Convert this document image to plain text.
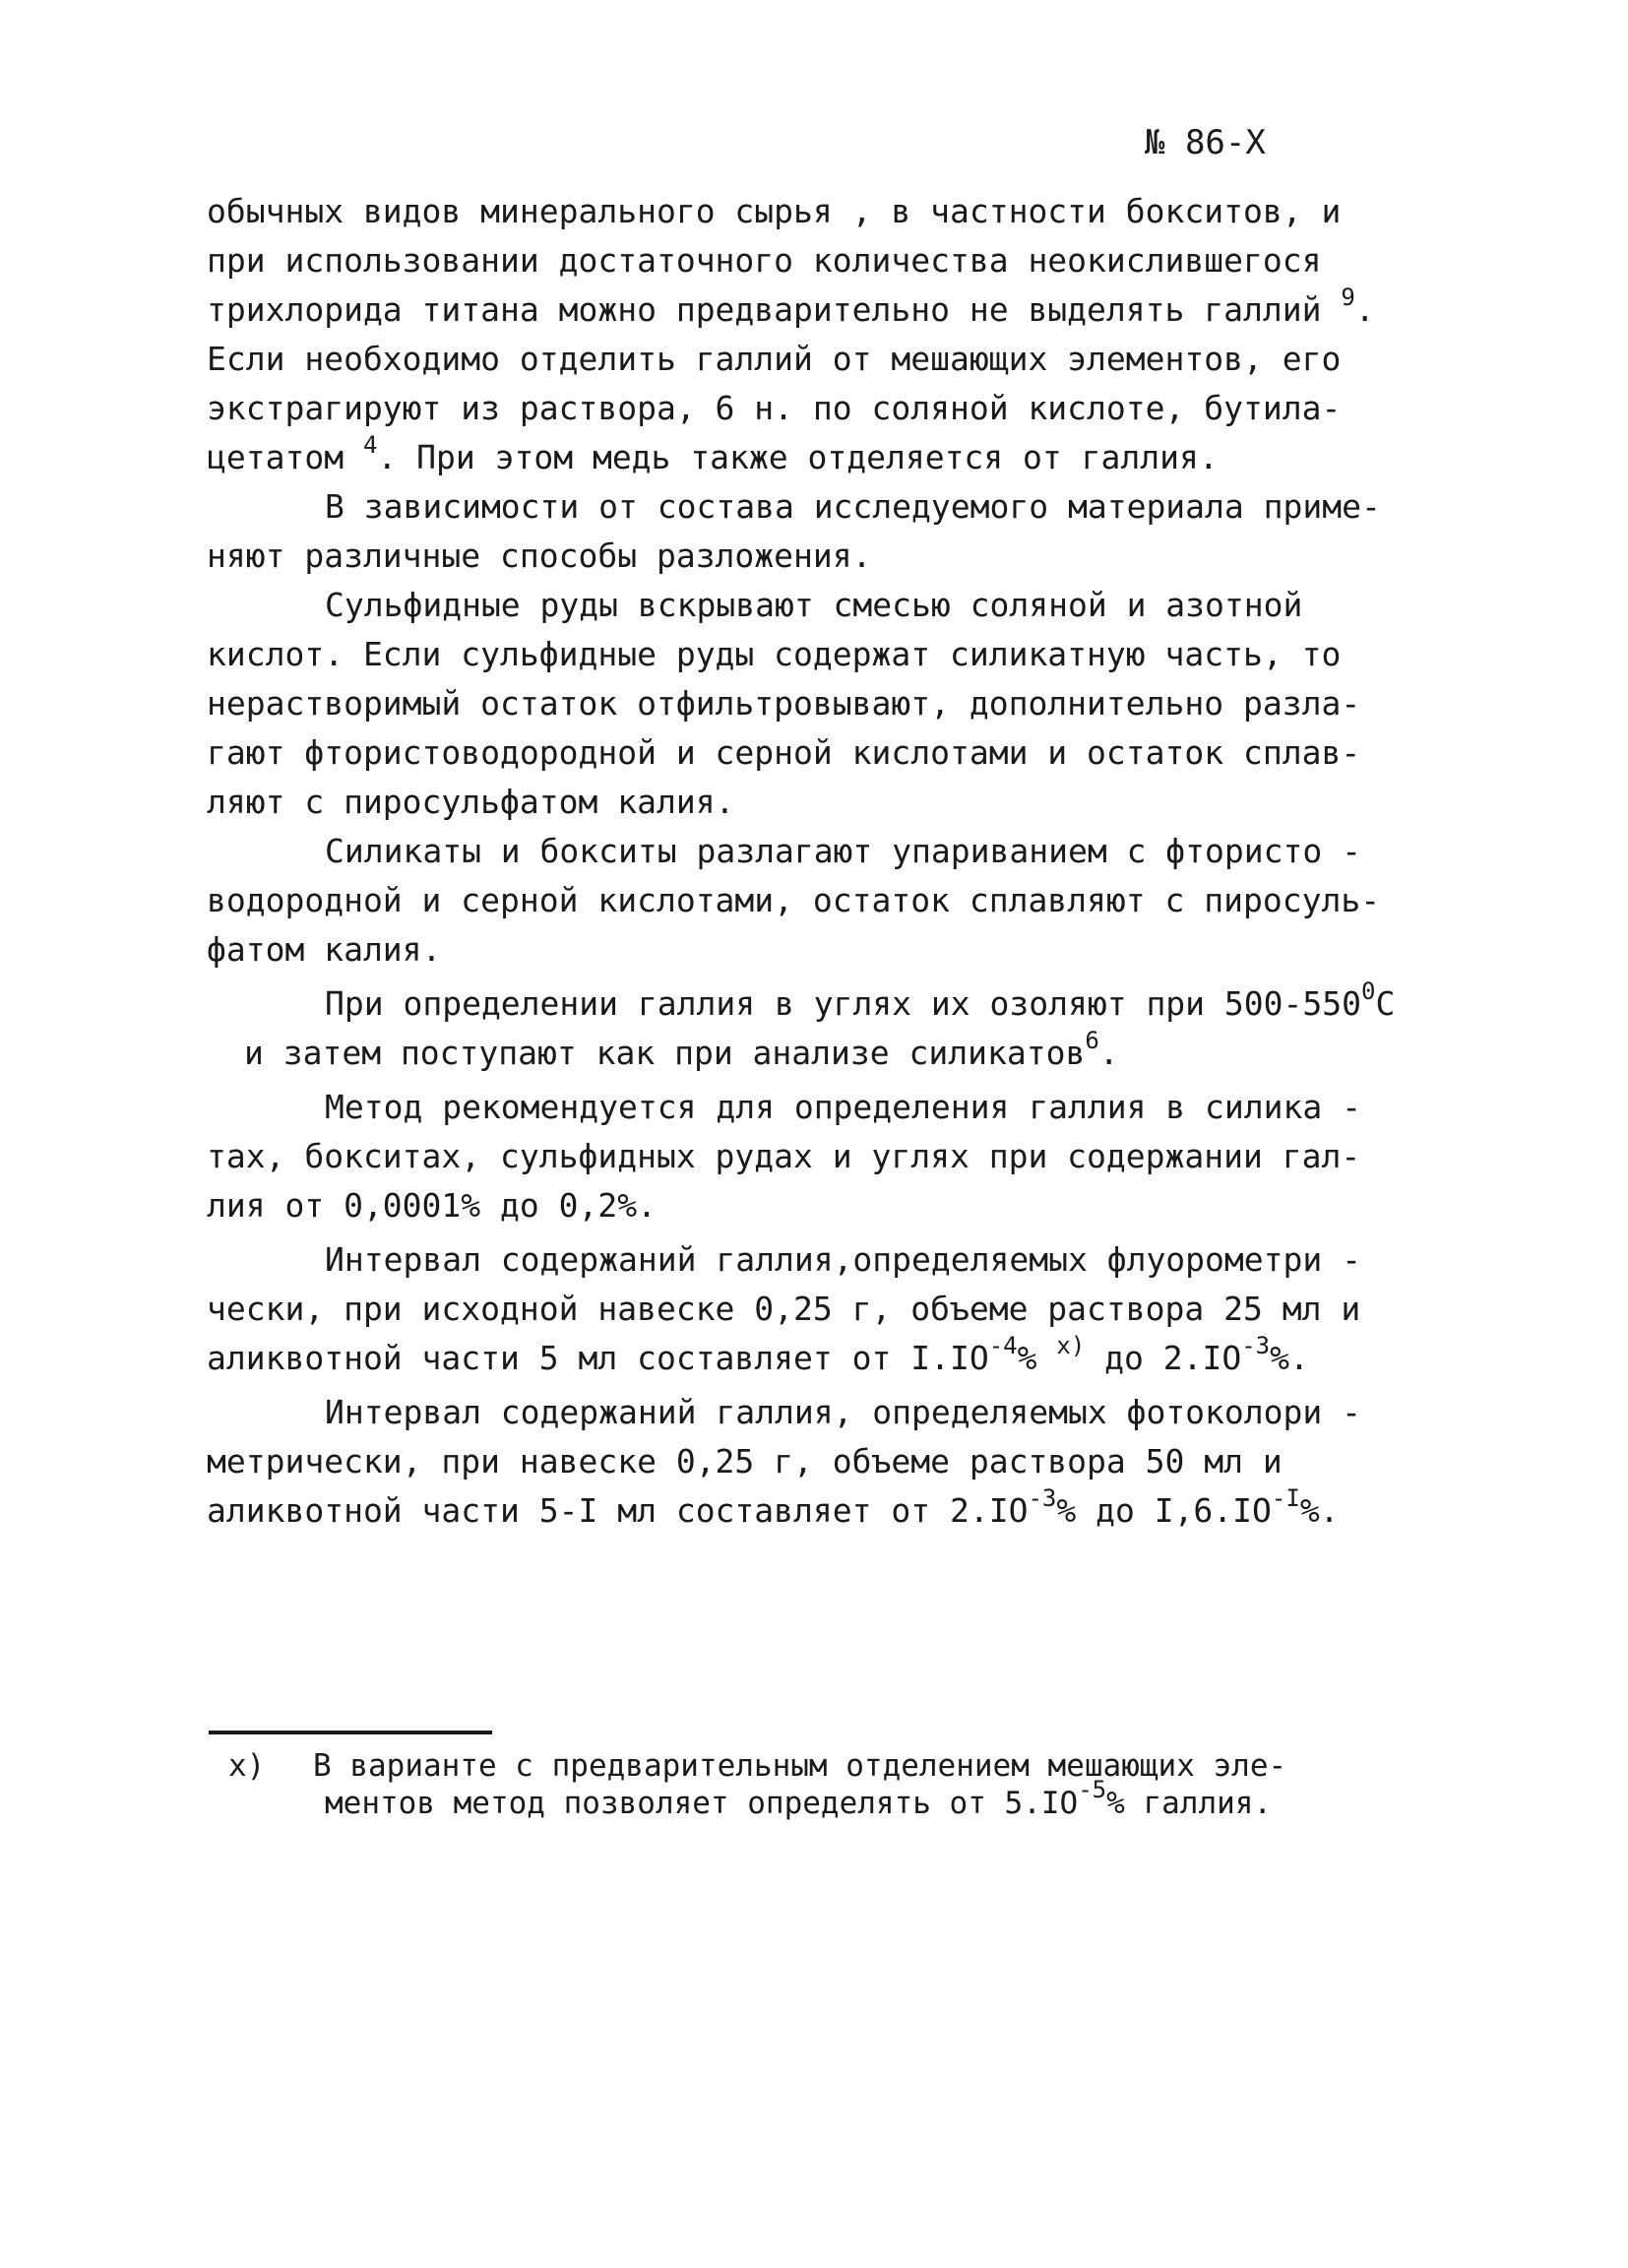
№ 86-Х
обычных видов минерального сырья , в частности бокситов, и
при использовании достаточного количества неокислившегося
трихлорида титана можно предварительно не выделять галлий $^9$.
Если необходимо отделить галлий от мешающих элементов, его
экстрагируют из раствора, 6 н. по соляной кислоте, бутила-
цетатом $^4$. При этом медь также отделяется от галлия.
В зависимости от состава исследуемого материала приме-
няют различные способы разложения.
Сульфидные руды вскрывают смесью соляной и азотной
кислот. Если сульфидные руды содержат силикатную часть, то
нерастворимый остаток отфильтровывают, дополнительно разла-
гают фтористоводородной и серной кислотами и остаток сплав-
ляют с пиросульфатом калия.
Силикаты и бокситы разлагают упариванием с фтористо -
водородной и серной кислотами, остаток сплавляют с пиросуль-
фатом калия.
При определении галлия в углях их озоляют при $500-550^0С$
и затем поступают как при анализе силикатов$^6$.
Метод рекомендуется для определения галлия в силика -
тах, бокситах, сульфидных рудах и углях при содержании гал-
лия от 0,0001% до 0,2%.
Интервал содержаний галлия,определяемых флуорометри -
чески, при исходной навеске 0,25 г, объеме раствора 25 мл и
аликвотной части 5 мл составляет от $I.IO^{-4}\%$ $^{х)}$ до $2.IO^{-3}\%$.
Интервал содержаний галлия, определяемых фотоколори -
метрически, при навеске 0,25 г, объеме раствора 50 мл и
аликвотной части 5-I мл составляет от $2.IO^{-3}\%$ до $I,6.IO^{-I}\%$.
х) В варианте с предварительным отделением мешающих эле-
ментов метод позволяет определять от $5.IO^{-5}\%$ галлия.
